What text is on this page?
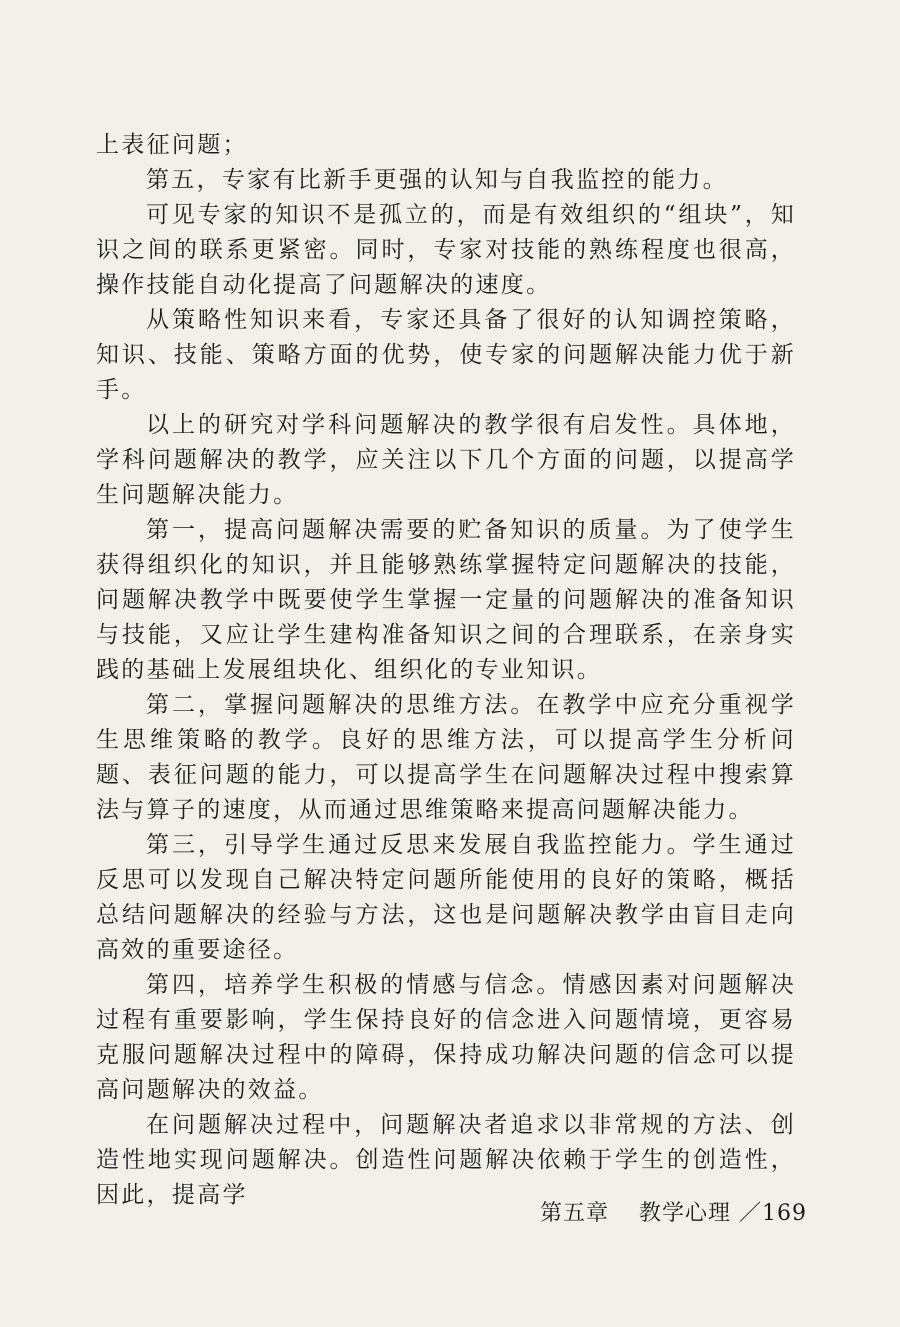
上表征问题；

第五，专家有比新手更强的认知与自我监控的能力。

可见专家的知识不是孤立的，而是有效组织的“组块”，知识之间的联系更紧密。同时，专家对技能的熟练程度也很高，操作技能自动化提高了问题解决的速度。

从策略性知识来看，专家还具备了很好的认知调控策略，知识、技能、策略方面的优势，使专家的问题解决能力优于新手。

以上的研究对学科问题解决的教学很有启发性。具体地，学科问题解决的教学，应关注以下几个方面的问题，以提高学生问题解决能力。

第一，提高问题解决需要的贮备知识的质量。为了使学生获得组织化的知识，并且能够熟练掌握特定问题解决的技能，问题解决教学中既要使学生掌握一定量的问题解决的准备知识与技能，又应让学生建构准备知识之间的合理联系，在亲身实践的基础上发展组块化、组织化的专业知识。

第二，掌握问题解决的思维方法。在教学中应充分重视学生思维策略的教学。良好的思维方法，可以提高学生分析问题、表征问题的能力，可以提高学生在问题解决过程中搜索算法与算子的速度，从而通过思维策略来提高问题解决能力。

第三，引导学生通过反思来发展自我监控能力。学生通过反思可以发现自己解决特定问题所能使用的良好的策略，概括总结问题解决的经验与方法，这也是问题解决教学由盲目走向高效的重要途径。

第四，培养学生积极的情感与信念。情感因素对问题解决过程有重要影响，学生保持良好的信念进入问题情境，更容易克服问题解决过程中的障碍，保持成功解决问题的信念可以提高问题解决的效益。

在问题解决过程中，问题解决者追求以非常规的方法、创造性地实现问题解决。创造性问题解决依赖于学生的创造性，因此，提高学

第五章 教学心理 ／169
